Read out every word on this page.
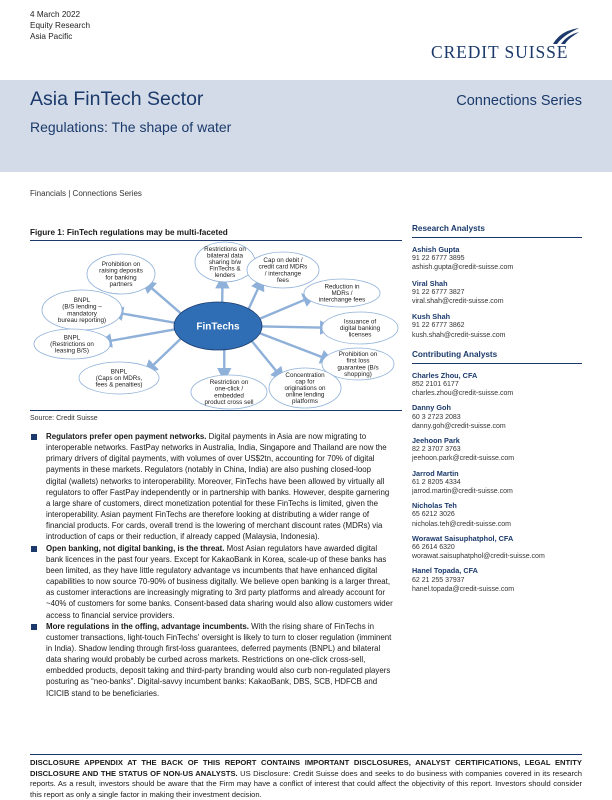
4 March 2022
Equity Research
Asia Pacific
CREDIT SUISSE
Asia FinTech Sector
Regulations: The shape of water
Connections Series
Financials | Connections Series
Figure 1: FinTech regulations may be multi-faceted
Prohibition on
raising deposits
for banking
partners
Restrictions on
bilateral data
sharing b/w
FinTechs &
lenders
Cap on debit /
credit card MDRs
/ interchange
fees
Reduction in
MDRs /
interchange fees
BNPL
(B/S lending –
mandatory
bureau reporting)	Issuance of
digital banking
licenses
BNPL
(Restrictions on
leasing B/S)	Prohibition on
first loss
guarantee (B/s
shopping)
BNPL
(Caps on MDRs,
fees & penalties)	Restriction on
one-click /
embedded
product cross sell
Concentration
cap for
originations on
online lending
platforms
FinTechs
Source: Credit Suisse
Regulators prefer open payment networks. Digital payments in Asia are now migrating to interoperable networks. FastPay networks in Australia, India, Singapore and Thailand are now the primary drivers of digital payments, with volumes of over US$2tn, accounting for 70% of digital payments in these markets. Regulators (notably in China, India) are also pushing closed-loop digital (wallets) networks to interoperability. Moreover, FinTechs have been allowed by virtually all regulators to offer FastPay independently or in partnership with banks. However, despite garnering a large share of customers, direct monetization potential for these FinTechs is limited, given the interoperability. Asian payment FinTechs are therefore looking at distributing a wider range of financial products. For cards, overall trend is the lowering of merchant discount rates (MDRs) via introduction of caps or their reduction, if already capped (Malaysia, Indonesia).
Open banking, not digital banking, is the threat. Most Asian regulators have awarded digital bank licences in the past four years. Except for KakaoBank in Korea, scale-up of these banks has been limited, as they have little regulatory advantage vs incumbents that have enhanced digital capabilities to now source 70-90% of business digitally. We believe open banking is a larger threat, as customer interactions are increasingly migrating to 3rd party platforms and already account for ~40% of customers for some banks. Consent-based data sharing would also allow customers wider access to financial service providers.
More regulations in the offing, advantage incumbents. With the rising share of FinTechs in customer transactions, light-touch FinTechs' oversight is likely to turn to closer regulation (imminent in India). Shadow lending through first-loss guarantees, deferred payments (BNPL) and bilateral data sharing would probably be curbed across markets. Restrictions on one-click cross-sell, embedded products, deposit taking and third-party branding would also curb non-regulated players posturing as “neo-banks”. Digital-savvy incumbent banks: KakaoBank, DBS, SCB, HDFCB and ICICIB stand to be beneficiaries.
Research Analysts
Ashish Gupta
91 22 6777 3895
ashish.gupta@credit-suisse.com
Viral Shah
91 22 6777 3827
viral.shah@credit-suisse.com
Kush Shah
91 22 6777 3862
kush.shah@credit-suisse.com
Contributing Analysts
Charles Zhou, CFA
852 2101 6177
charles.zhou@credit-suisse.com
Danny Goh
60 3 2723 2083
danny.goh@credit-suisse.com
Jeehoon Park
82 2 3707 3763
jeehoon.park@credit-suisse.com
Jarrod Martin
61 2 8205 4334
jarrod.martin@credit-suisse.com
Nicholas Teh
65 6212 3026
nicholas.teh@credit-suisse.com
Worawat Saisuphatphol, CFA
66 2614 6320
worawat.saisuphatphol@credit-suisse.com
Hanel Topada, CFA
62 21 255 37937
hanel.topada@credit-suisse.com
DISCLOSURE APPENDIX AT THE BACK OF THIS REPORT CONTAINS IMPORTANT DISCLOSURES, ANALYST CERTIFICATIONS, LEGAL ENTITY DISCLOSURE AND THE STATUS OF NON-US ANALYSTS. US Disclosure: Credit Suisse does and seeks to do business with companies covered in its research reports. As a result, investors should be aware that the Firm may have a conflict of interest that could affect the objectivity of this report. Investors should consider this report as only a single factor in making their investment decision.
